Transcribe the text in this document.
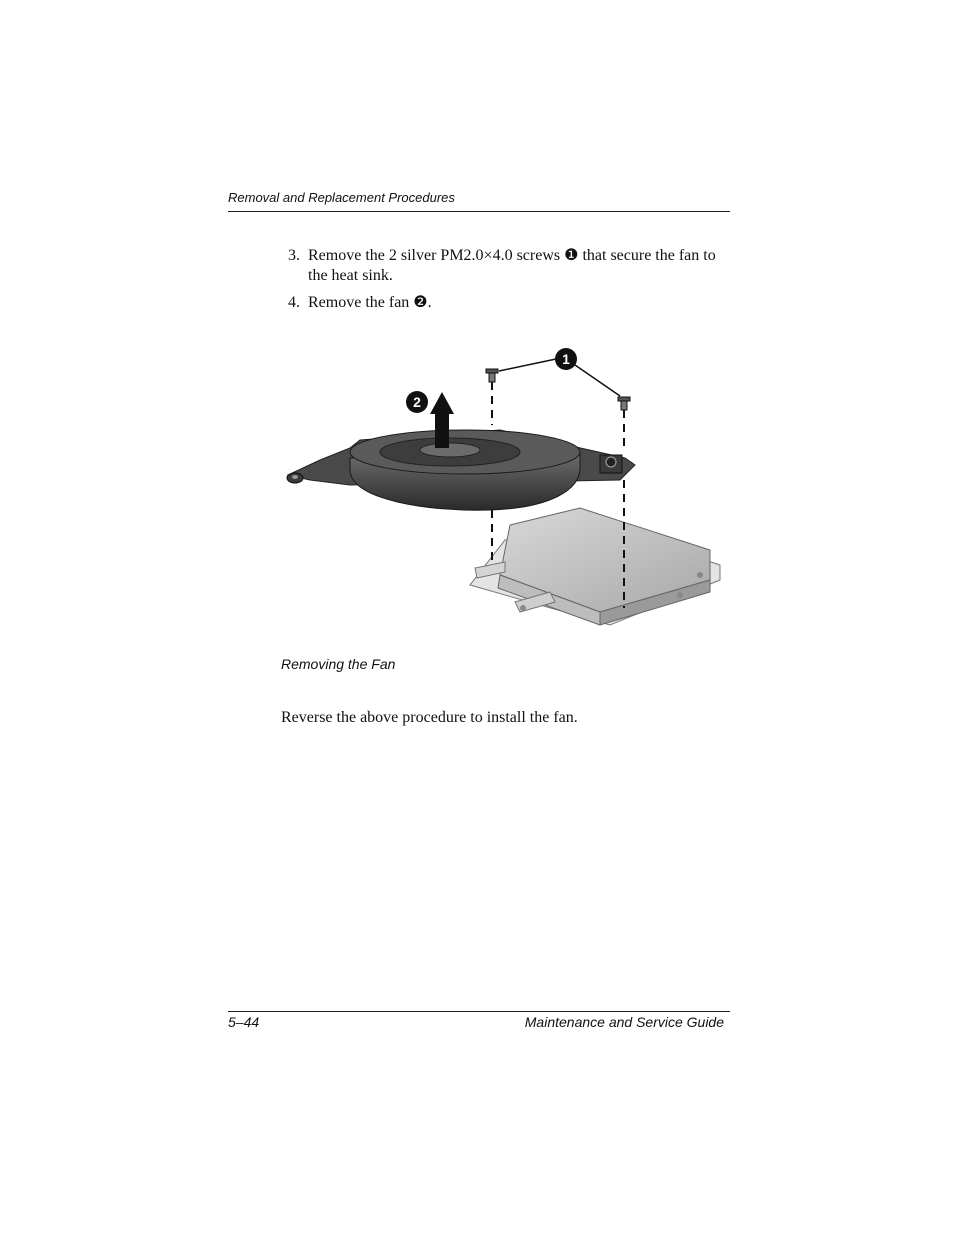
Removal and Replacement Procedures
3. Remove the 2 silver PM2.0×4.0 screws ❶ that secure the fan to the heat sink.
4. Remove the fan ❷.
1
2
Removing the Fan
Reverse the above procedure to install the fan.
5–44	Maintenance and Service Guide
